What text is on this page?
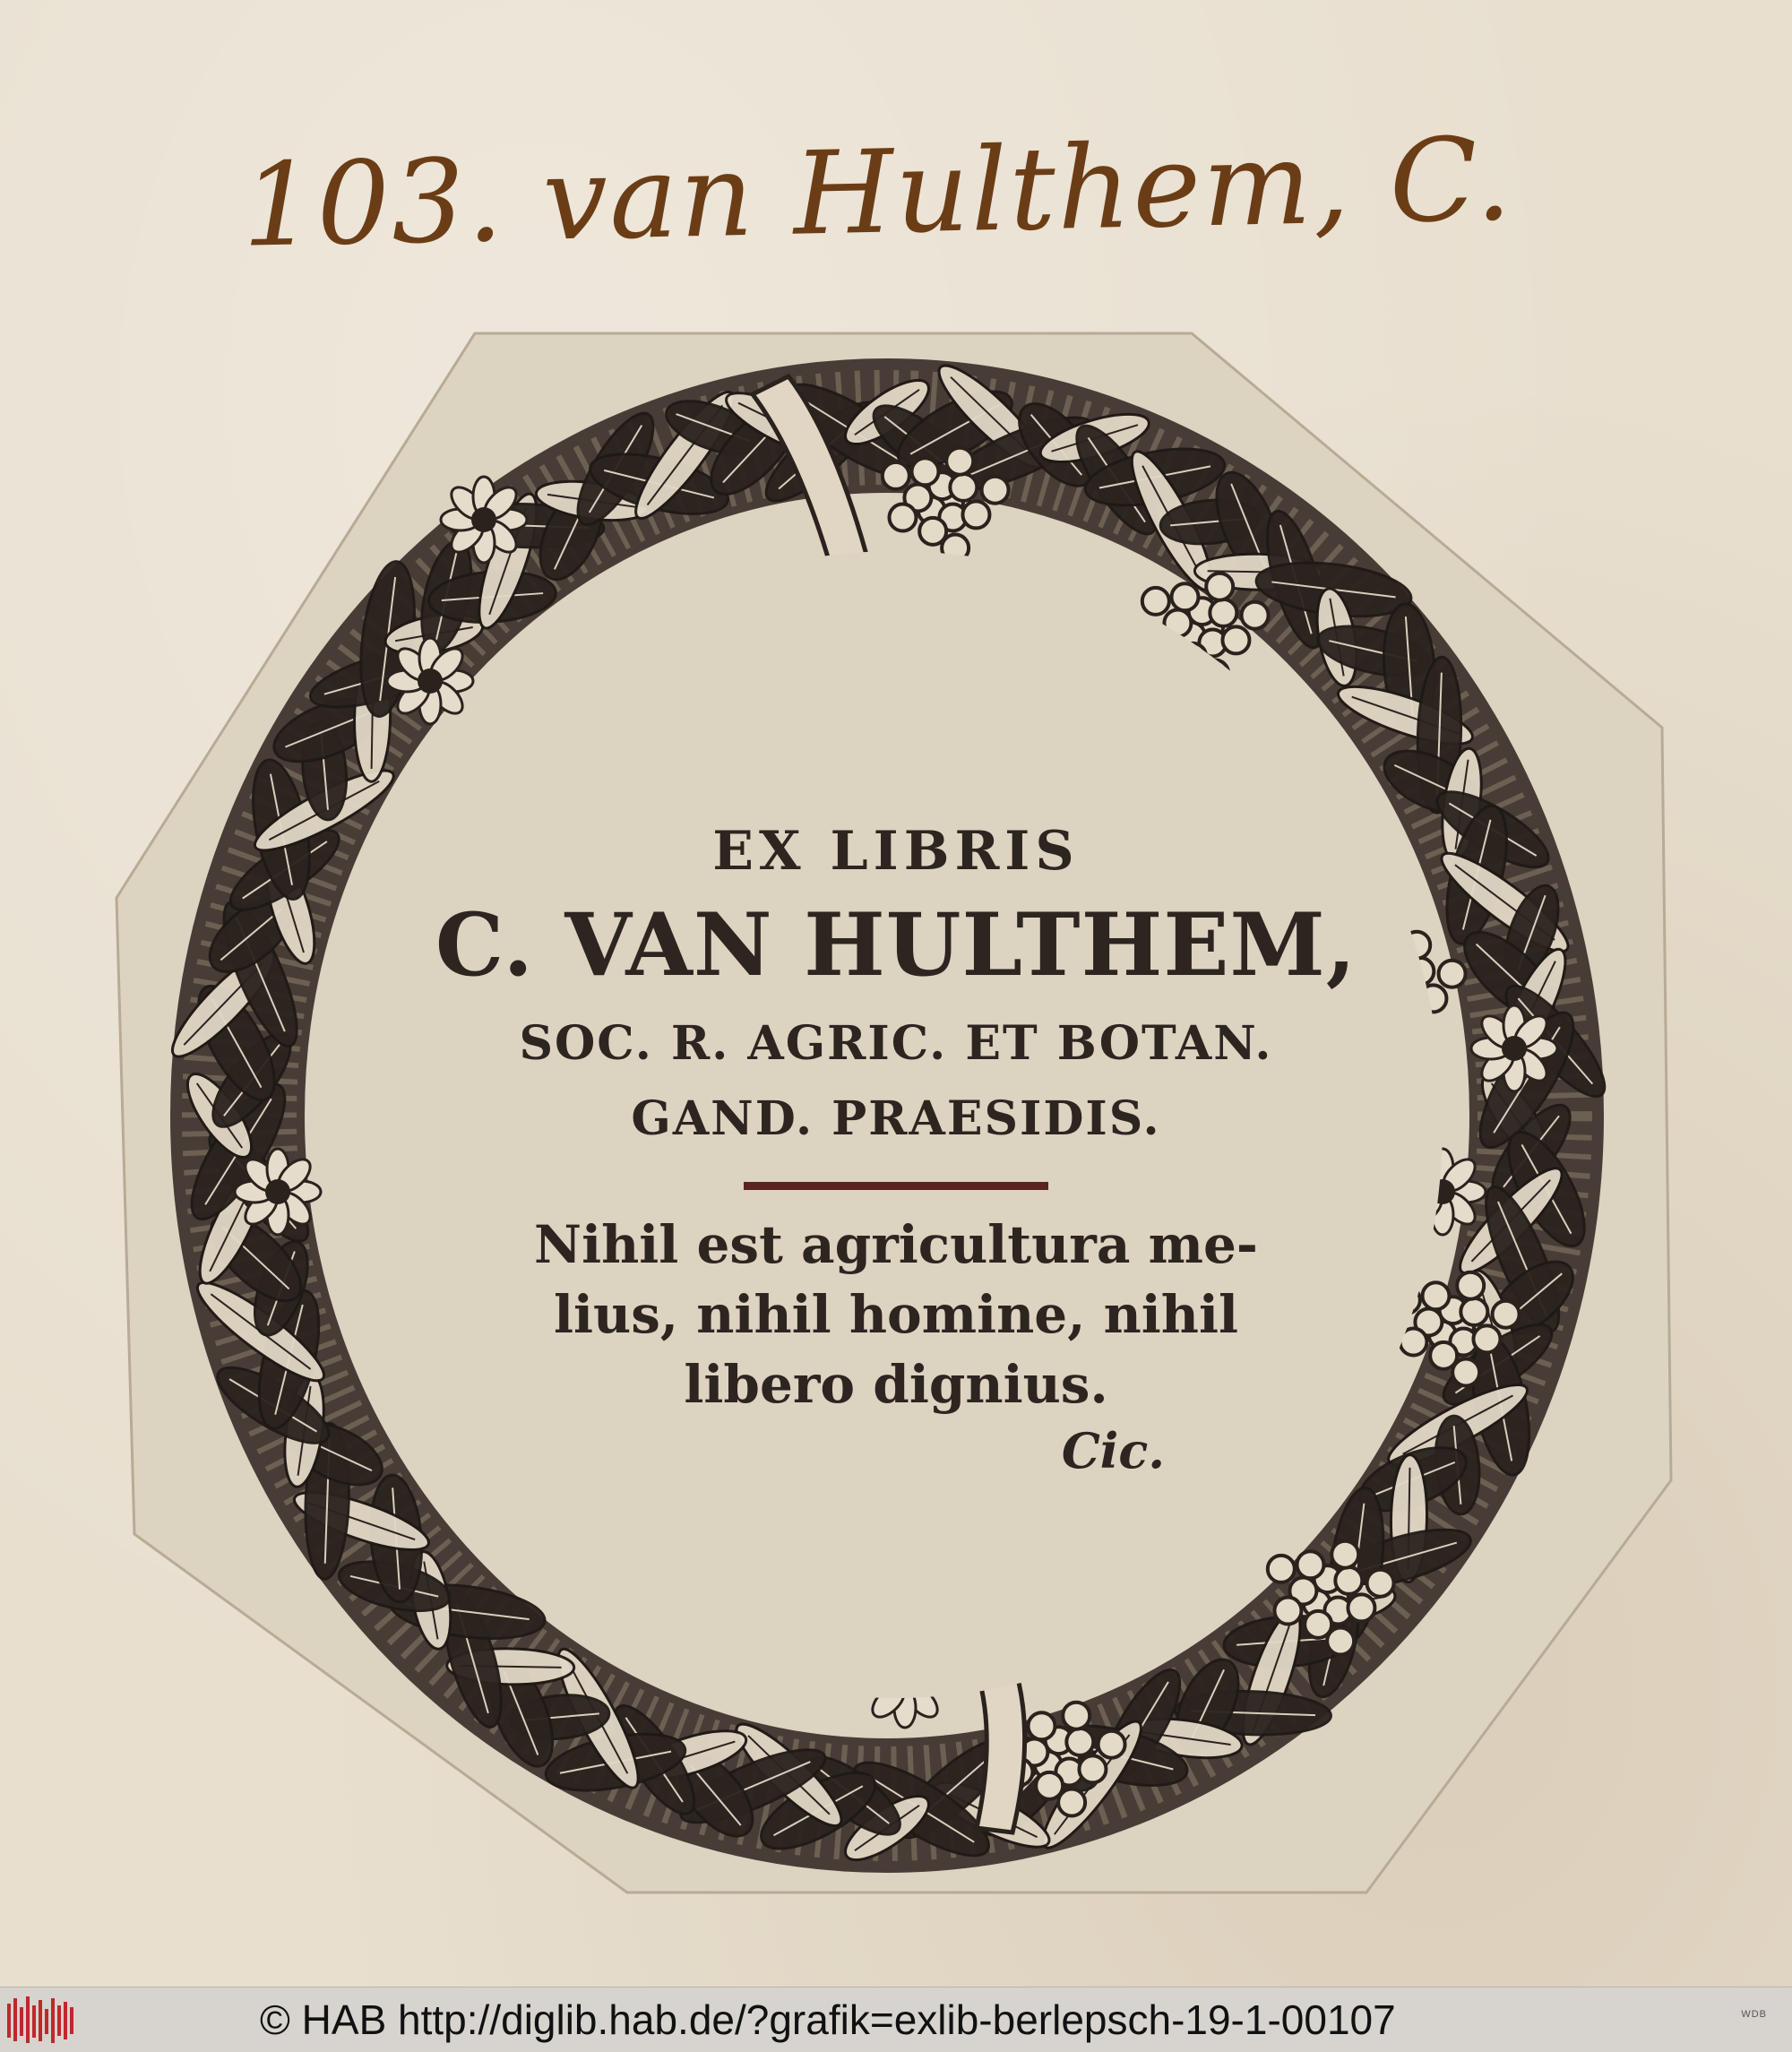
103. van Hulthem, C.
EX LIBRIS
C. VAN HULTHEM,
SOC. R. AGRIC. ET BOTAN.
GAND. PRAESIDIS.
Nihil est agricultura me-
lius, nihil homine, nihil
libero dignius.
Cic.
© HAB http://diglib.hab.de/?grafik=exlib-berlepsch-19-1-00107	WDB
